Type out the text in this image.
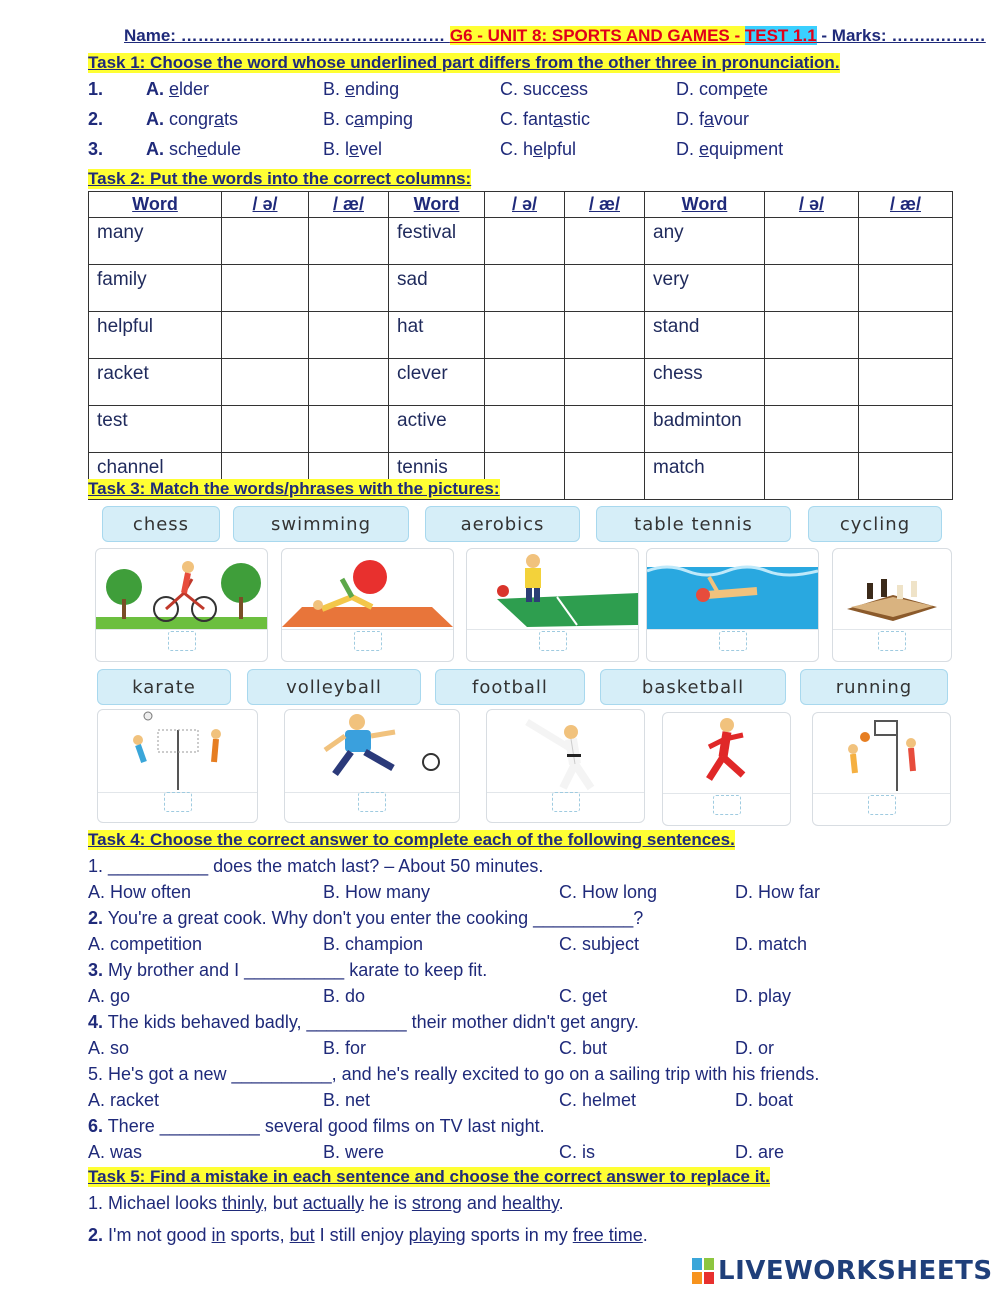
Name: ………………………………..……… G6 - UNIT 8: SPORTS AND GAMES - TEST 1.1 - Marks: ……..………
Task 1: Choose the word whose underlined part differs from the other three in pronunciation.
1. A. elder	B. ending	C. success	D. compete
2. A. congrats	B. camping	C. fantastic	D. favour
3. A. schedule	B. level	C. helpful	D. equipment
Task 2: Put the words into the correct columns:
Word	/ ə/	/ æ/	Word	/ ə/	/ æ/	Word	/ ə/	/ æ/
many			festival			any		
family			sad			very		
helpful			hat			stand		
racket			clever			chess		
test			active			badminton		
channel			tennis			match		
Task 3: Match the words/phrases with the pictures:
chess	swimming	aerobics	table tennis	cycling
karate	volleyball	football	basketball	running
Task 4: Choose the correct answer to complete each of the following sentences.
1. __________ does the match last? – About 50 minutes.
A. How often	B. How many	C. How long	D. How far
2. You're a great cook. Why don't you enter the cooking __________?
A. competition	B. champion	C. subject	D. match
3. My brother and I __________ karate to keep fit.
A. go	B. do	C. get	D. play
4. The kids behaved badly, __________ their mother didn't get angry.
A. so	B. for	C. but	D. or
5. He's got a new __________, and he's really excited to go on a sailing trip with his friends.
A. racket	B. net	C. helmet	D. boat
6. There __________ several good films on TV last night.
A. was	B. were	C. is	D. are
Task 5: Find a mistake in each sentence and choose the correct answer to replace it.
1. Michael looks thinly, but actually he is strong and healthy.
2. I'm not good in sports, but I still enjoy playing sports in my free time.
LIVEWORKSHEETS
